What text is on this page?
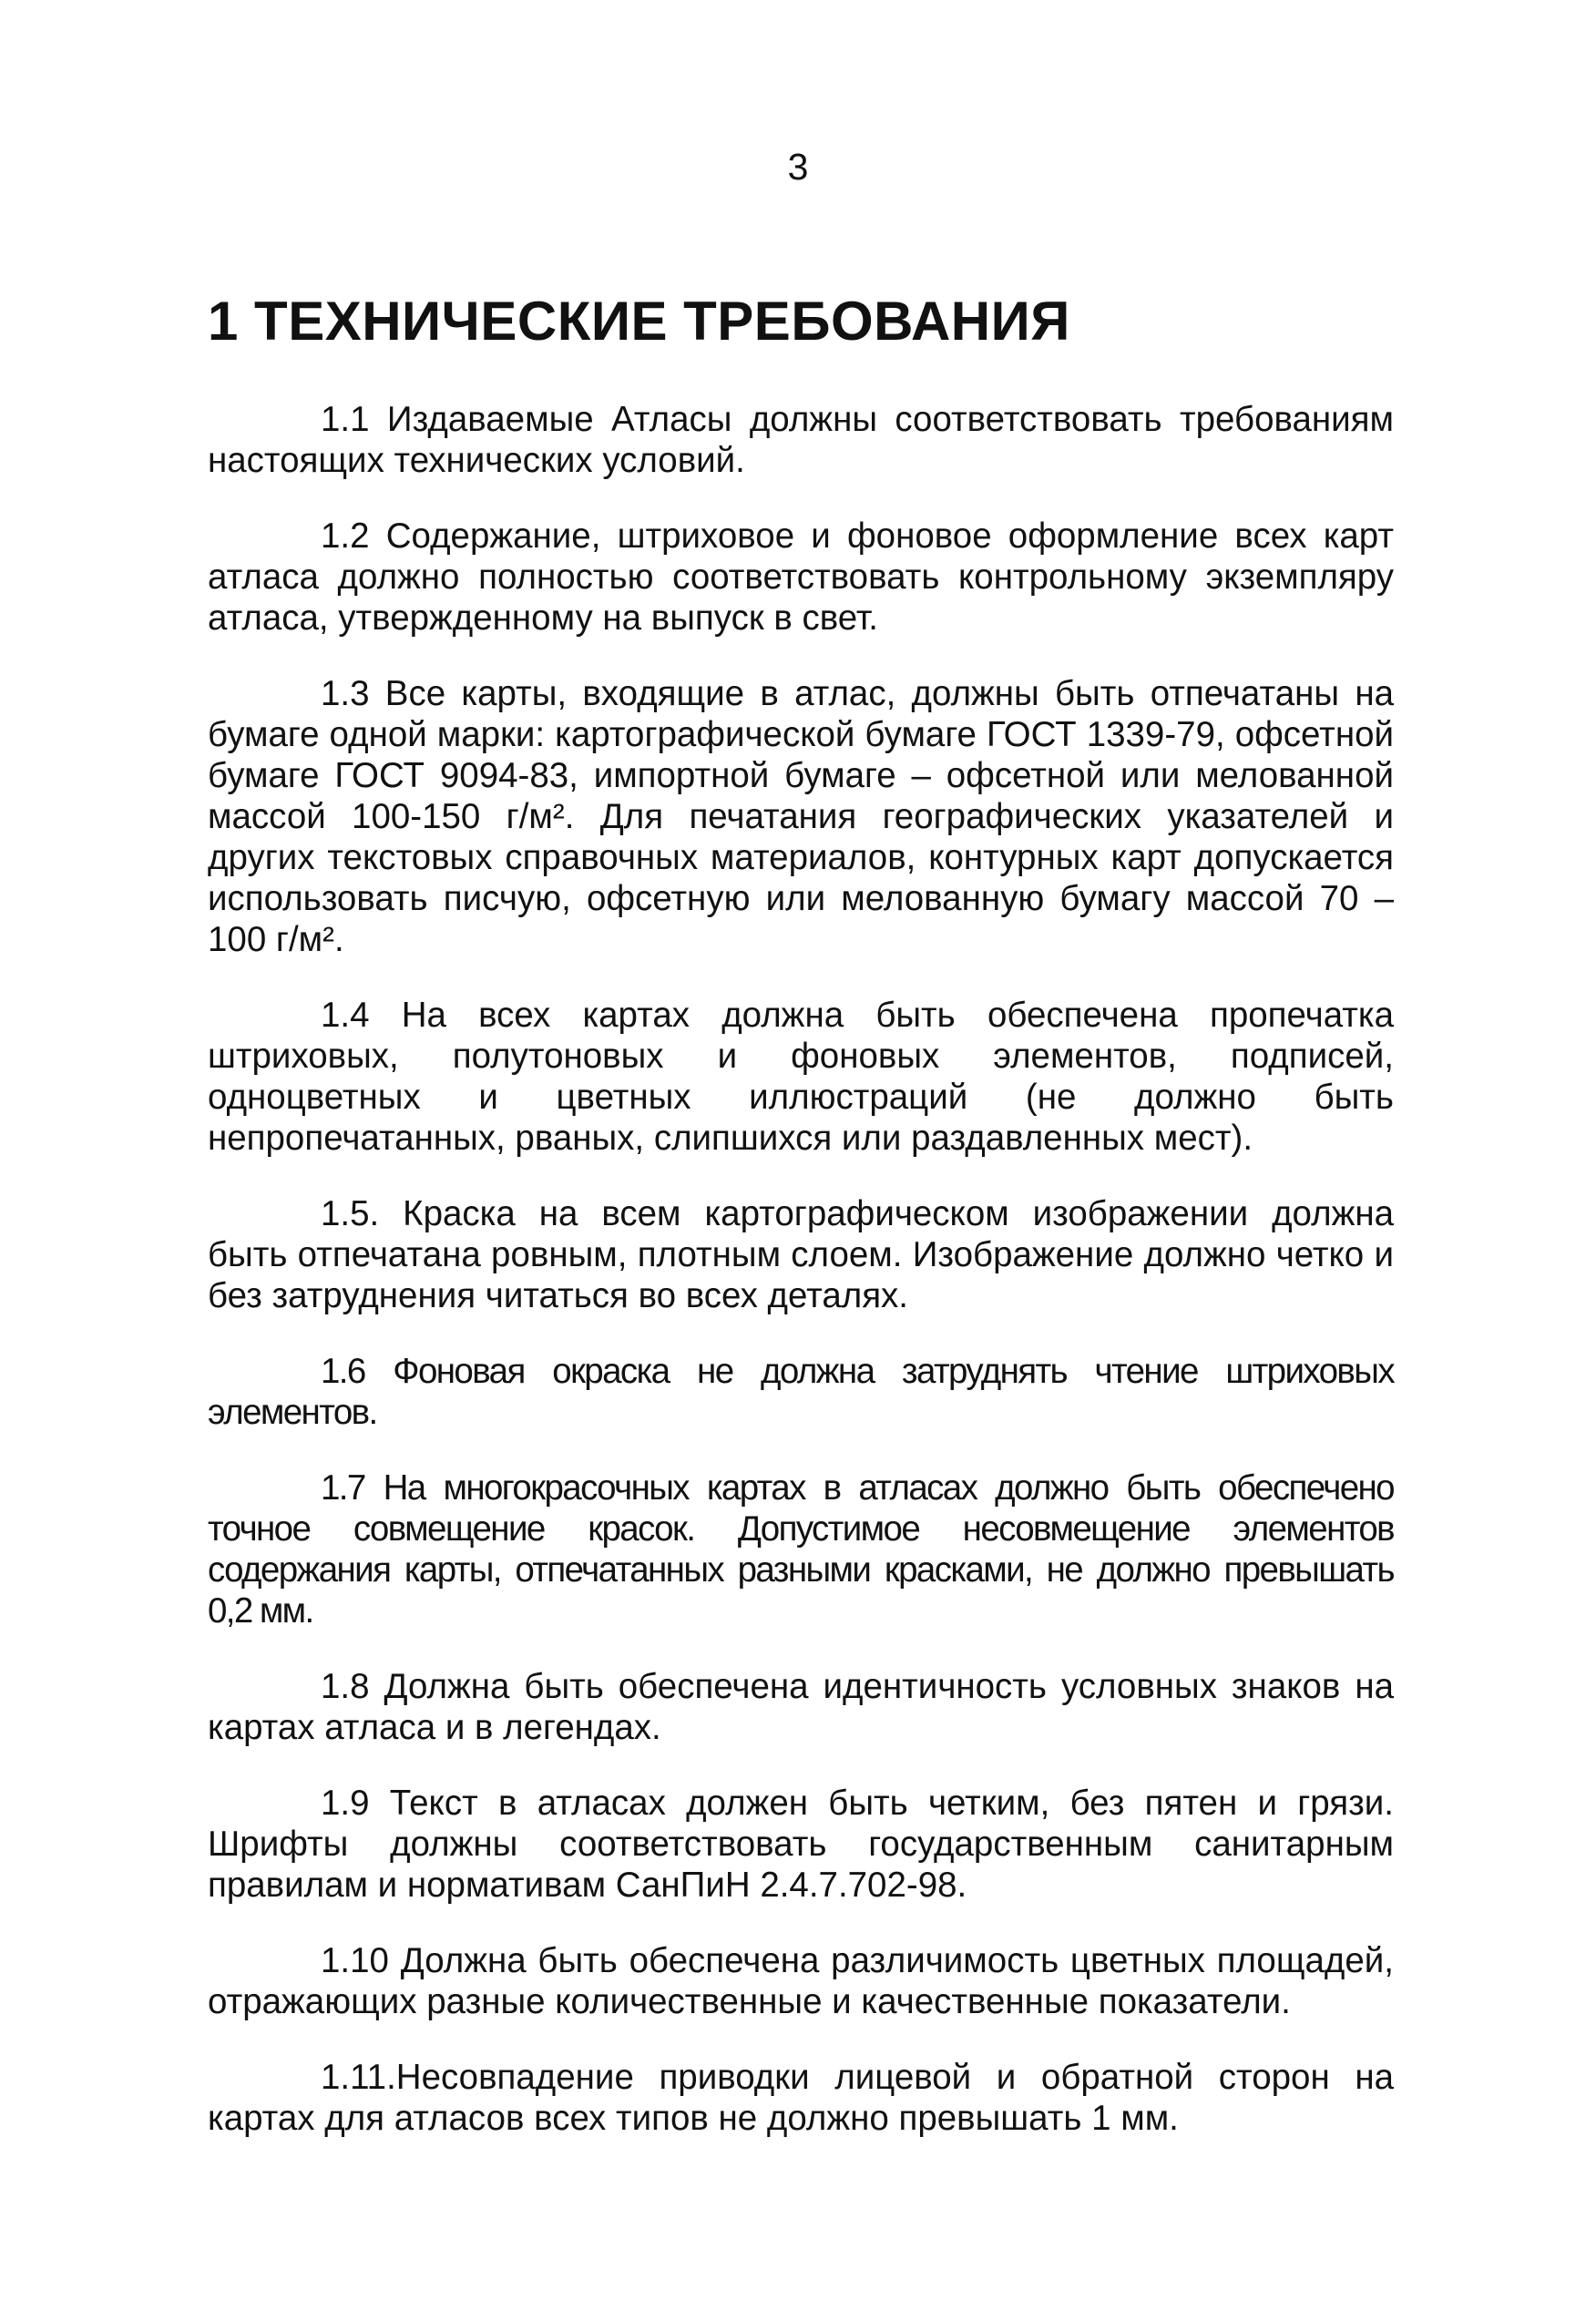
3
1 ТЕХНИЧЕСКИЕ ТРЕБОВАНИЯ

1.1 Издаваемые Атласы должны соответствовать требованиям настоящих технических условий.

1.2 Содержание, штриховое и фоновое оформление всех карт атласа должно полностью соответствовать контрольному экземпляру атласа, утвержденному на выпуск в свет.

1.3 Все карты, входящие в атлас, должны быть отпечатаны на бумаге одной марки: картографической бумаге ГОСТ 1339-79, офсетной бумаге ГОСТ 9094-83, импортной бумаге – офсетной или мелованной массой 100-150 г/м². Для печатания географических указателей и других текстовых справочных материалов, контурных карт допускается использовать писчую, офсетную или мелованную бумагу массой 70 – 100 г/м².

1.4 На всех картах должна быть обеспечена пропечатка штриховых, полутоновых и фоновых элементов, подписей, одноцветных и цветных иллюстраций (не должно быть непропечатанных, рваных, слипшихся или раздавленных мест).

1.5. Краска на всем картографическом изображении должна быть отпечатана ровным, плотным слоем. Изображение должно четко и без затруднения читаться во всех деталях.

1.6 Фоновая окраска не должна затруднять чтение штриховых элементов.

1.7 На многокрасочных картах в атласах должно быть обеспечено точное совмещение красок. Допустимое несовмещение элементов содержания карты, отпечатанных разными красками, не должно превышать 0,2 мм.

1.8 Должна быть обеспечена идентичность условных знаков на картах атласа и в легендах.

1.9 Текст в атласах должен быть четким, без пятен и грязи. Шрифты должны соответствовать государственным санитарным правилам и нормативам СанПиН 2.4.7.702-98.

1.10 Должна быть обеспечена различимость цветных площадей, отражающих разные количественные и качественные показатели.

1.11.Несовпадение приводки лицевой и обратной сторон на картах для атласов всех типов не должно превышать 1 мм.
